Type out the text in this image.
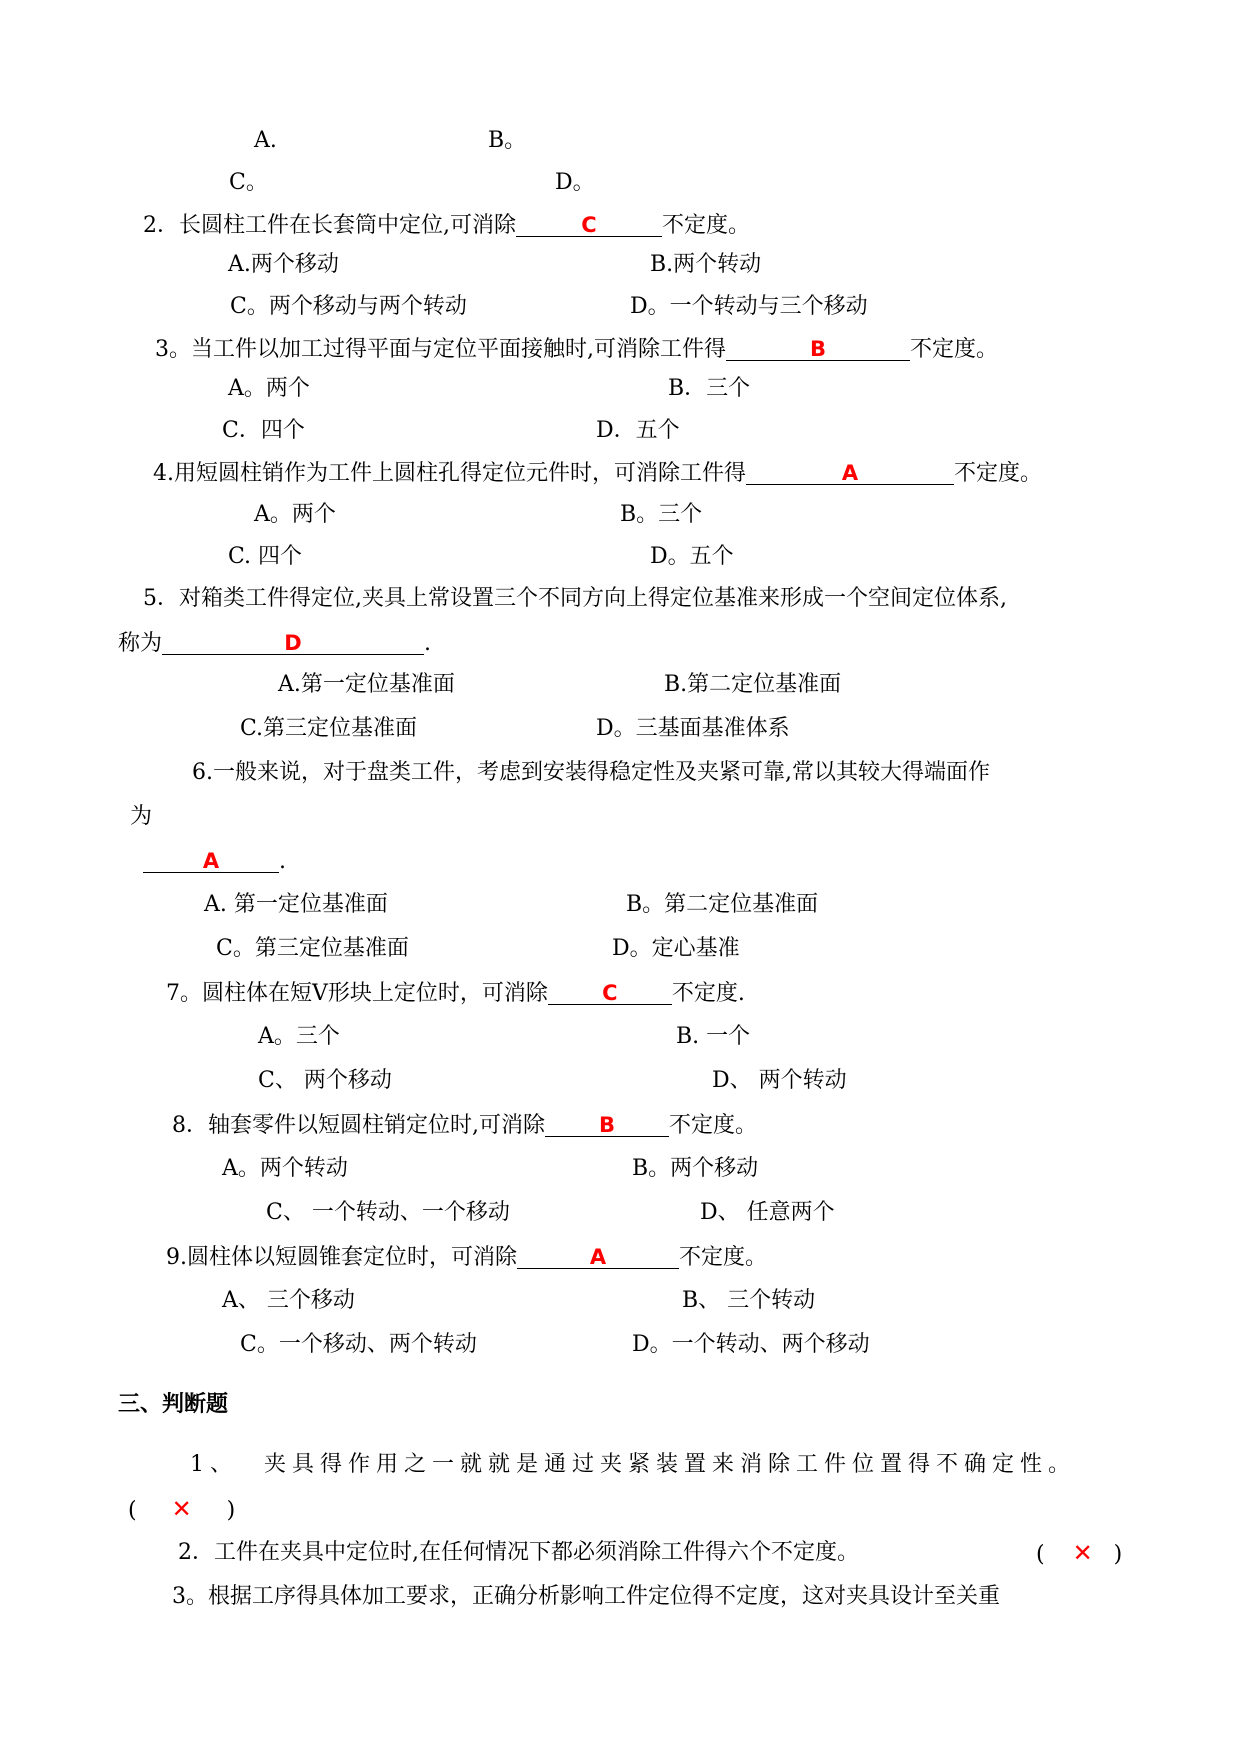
A.	B。
C。	D。
2．长圆柱工件在长套筒中定位,可消除	C	不定度。
A.两个移动	B.两个转动
C。两个移动与两个转动	D。一个转动与三个移动
3。当工件以加工过得平面与定位平面接触时,可消除工件得	B	不定度。
A。两个	B．三个
C．四个	D．五个
4.用短圆柱销作为工件上圆柱孔得定位元件时，可消除工件得	A	不定度。
A。两个	B。三个
C. 四个	D。五个
5．对箱类工件得定位,夹具上常设置三个不同方向上得定位基准来形成一个空间定位体系,
称为	D	.
A.第一定位基准面	B.第二定位基准面
C.第三定位基准面	D。三基面基准体系
6.一般来说，对于盘类工件，考虑到安装得稳定性及夹紧可靠,常以其较大得端面作
为
A	.
A. 第一定位基准面	B。第二定位基准面
C。第三定位基准面	D。定心基准
7。圆柱体在短V形块上定位时，可消除	C 不定度.
A。三个	B. 一个
C、 两个移动	D、 两个转动
8．轴套零件以短圆柱销定位时,可消除	B 不定度。
A。两个转动	B。两个移动
C、 一个转动、一个移动	D、 任意两个
9.圆柱体以短圆锥套定位时，可消除	A	不定度。
A、 三个移动	B、 三个转动
C。一个移动、两个转动	D。一个转动、两个移动
三、判断题
1、 夹具得作用之一就就是通过夹紧装置来消除工件位置得不确定性。
( ✕ )
2．工件在夹具中定位时,在任何情况下都必须消除工件得六个不定度。	( ✕ )
3。根据工序得具体加工要求，正确分析影响工件定位得不定度，这对夹具设计至关重
